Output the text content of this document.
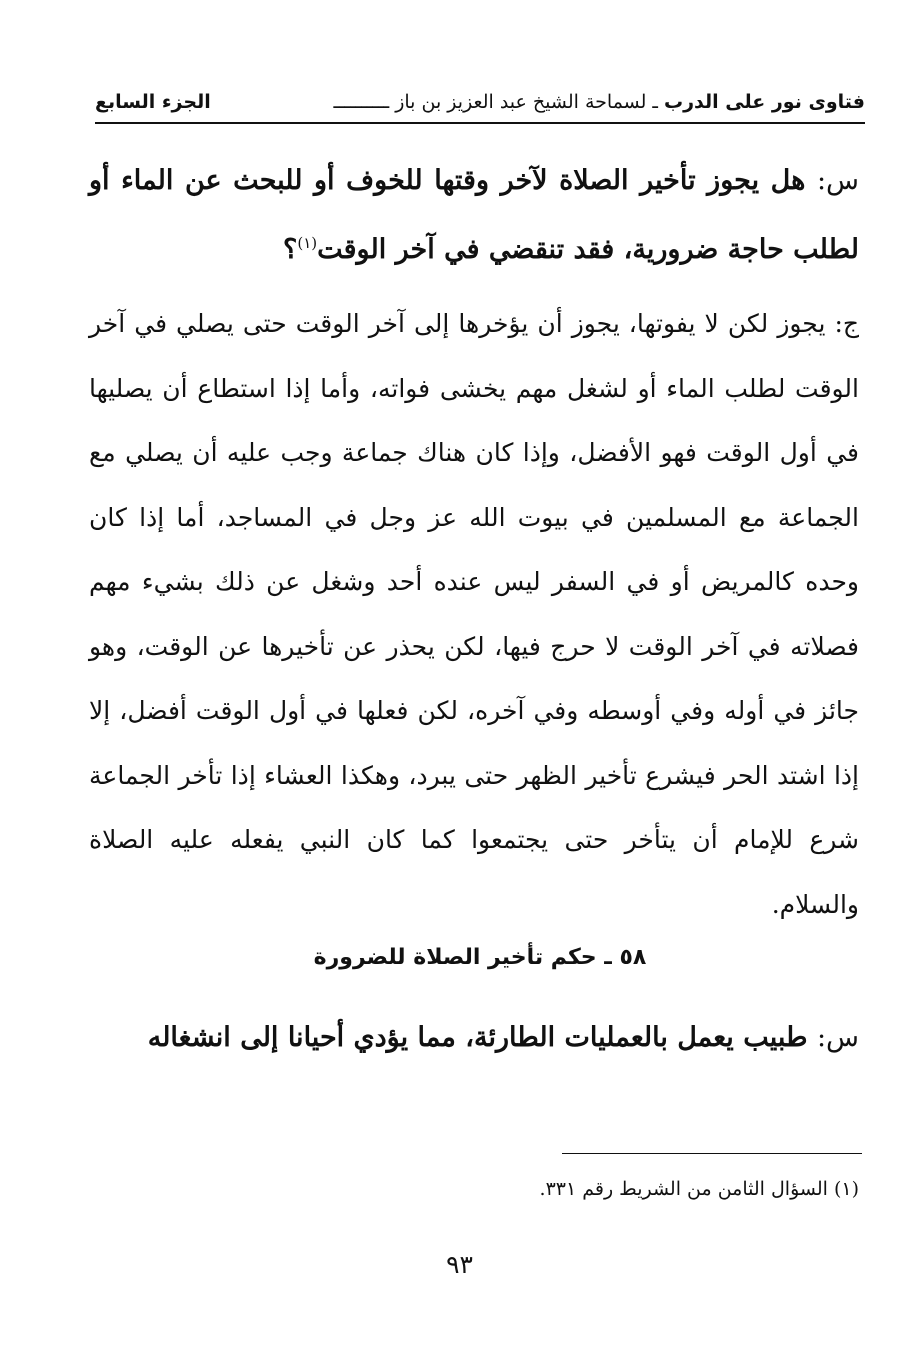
فتاوى نور على الدرب
ـ
لسماحة الشيخ عبد العزيز بن باز
ــــــــــ
الجزء السابع
س: هل يجوز تأخير الصلاة لآخر وقتها للخوف أو للبحث عن الماء أو لطلب حاجة ضرورية، فقد تنقضي في آخر الوقت$^{(١)}$؟
ج: يجوز لكن لا يفوتها، يجوز أن يؤخرها إلى آخر الوقت حتى يصلي في آخر الوقت لطلب الماء أو لشغل مهم يخشى فواته، وأما إذا استطاع أن يصليها في أول الوقت فهو الأفضل، وإذا كان هناك جماعة وجب عليه أن يصلي مع الجماعة مع المسلمين في بيوت الله عز وجل في المساجد، أما إذا كان وحده كالمريض أو في السفر ليس عنده أحد وشغل عن ذلك بشيء مهم فصلاته في آخر الوقت لا حرج فيها، لكن يحذر عن تأخيرها عن الوقت، وهو جائز في أوله وفي أوسطه وفي آخره، لكن فعلها في أول الوقت أفضل، إلا إذا اشتد الحر فيشرع تأخير الظهر حتى يبرد، وهكذا العشاء إذا تأخر الجماعة شرع للإمام أن يتأخر حتى يجتمعوا كما كان النبي يفعله عليه الصلاة والسلام.
٥٨ ـ حكم تأخير الصلاة للضرورة
س: طبيب يعمل بالعمليات الطارئة، مما يؤدي أحيانا إلى انشغاله
(١) السؤال الثامن من الشريط رقم ٣٣١.
٩٣
